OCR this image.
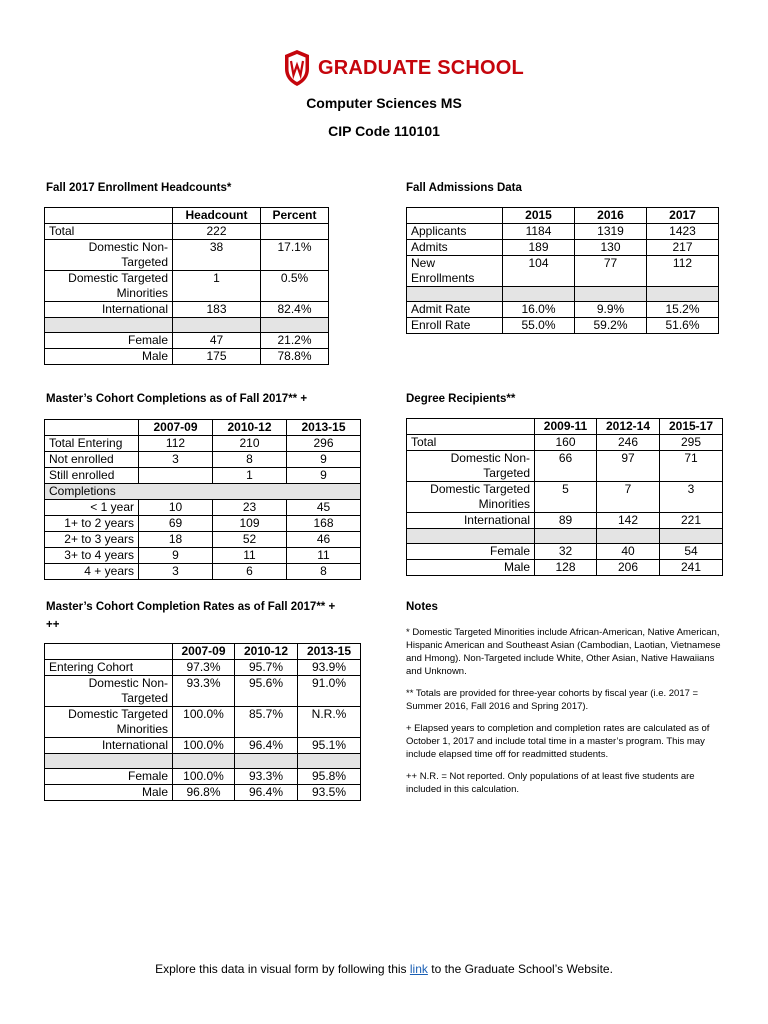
GRADUATE SCHOOL
Computer Sciences MS
CIP Code 110101
Fall 2017 Enrollment Headcounts*
	Headcount	Percent
Total	222	
Domestic Non-Targeted	38	17.1%
Domestic Targeted Minorities	1	0.5%
International	183	82.4%

Female	47	21.2%
Male	175	78.8%
Fall Admissions Data
	2015	2016	2017
Applicants	1184	1319	1423
Admits	189	130	217
New Enrollments	104	77	112

Admit Rate	16.0%	9.9%	15.2%
Enroll Rate	55.0%	59.2%	51.6%
Master’s Cohort Completions as of Fall 2017** +
	2007-09	2010-12	2013-15
Total Entering	112	210	296
Not enrolled	3	8	9
Still enrolled		1	9
Completions			
< 1 year	10	23	45
1+ to 2 years	69	109	168
2+ to 3 years	18	52	46
3+ to 4 years	9	11	11
4 + years	3	6	8
Degree Recipients**
	2009-11	2012-14	2015-17
Total	160	246	295
Domestic Non-Targeted	66	97	71
Domestic Targeted Minorities	5	7	3
International	89	142	221

Female	32	40	54
Male	128	206	241
Master’s Cohort Completion Rates as of Fall 2017** +
++
	2007-09	2010-12	2013-15
Entering Cohort	97.3%	95.7%	93.9%
Domestic Non-Targeted	93.3%	95.6%	91.0%
Domestic Targeted Minorities	100.0%	85.7%	N.R.%
International	100.0%	96.4%	95.1%

Female	100.0%	93.3%	95.8%
Male	96.8%	96.4%	93.5%
Notes

* Domestic Targeted Minorities include African-American, Native American, Hispanic American and Southeast Asian (Cambodian, Laotian, Vietnamese and Hmong). Non-Targeted include White, Other Asian, Native Hawaiians and Unknown.

** Totals are provided for three-year cohorts by fiscal year (i.e. 2017 = Summer 2016, Fall 2016 and Spring 2017).

+ Elapsed years to completion and completion rates are calculated as of October 1, 2017 and include total time in a master’s program. This may include elapsed time off for readmitted students.

++ N.R. = Not reported. Only populations of at least five students are included in this calculation.

Explore this data in visual form by following this link to the Graduate School’s Website.
